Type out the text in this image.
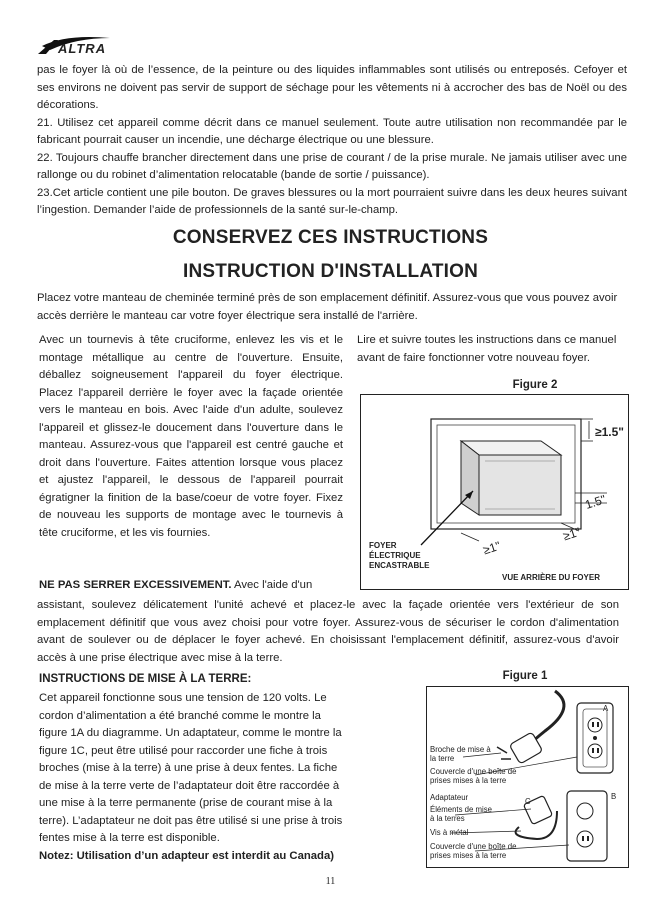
ALTRA
pas le foyer là où de l’essence, de la peinture ou des liquides inflammables sont utilisés ou entreposés. Cefoyer et ses environs ne doivent pas servir de support de séchage pour les vêtements ni à accrocher des bas de Noël ou des décorations.
21. Utilisez cet appareil comme décrit dans ce manuel seulement. Toute autre utilisation non recommandée par le fabricant pourrait causer un incendie, une décharge électrique ou une blessure.
22. Toujours chauffe brancher directement dans une prise de courant / de la prise murale. Ne jamais utiliser avec une rallonge ou du robinet d’alimentation relocatable (bande de sortie / puissance).
23.Cet article contient une pile bouton. De graves blessures ou la mort pourraient suivre dans les deux heures suivant l’ingestion. Demander l’aide de professionnels de la santé sur-le-champ.
CONSERVEZ CES INSTRUCTIONS
INSTRUCTION D'INSTALLATION
Placez votre manteau de cheminée terminé près de son emplacement définitif. Assurez-vous que vous pouvez avoir accès derrière le manteau car votre foyer électrique sera installé de l'arrière.
Avec un tournevis à tête cruciforme, enlevez les vis et le montage métallique au centre de l'ouverture. Ensuite, déballez soigneusement l'appareil du foyer électrique. Placez l'appareil derrière le foyer avec la façade orientée vers le manteau en bois. Avec l'aide d'un adulte, soulevez l'appareil et glissez-le doucement dans l'ouverture dans le manteau. Assurez-vous que l'appareil est centré gauche et droit dans l'ouverture. Faites attention lorsque vous placez et ajustez l'appareil, le dessous de l'appareil pourrait égratigner la finition de la base/coeur de votre foyer. Fixez de nouveau les supports de montage avec le tournevis à tête cruciforme, et les vis fournies.
Lire et suivre toutes les instructions dans ce manuel avant de faire fonctionner votre nouveau foyer.
Figure 2
≥1.5"
1.5"
≥1"
≥1"
FOYER ÉLECTRIQUE ENCASTRABLE
VUE ARRIÈRE DU FOYER
NE PAS SERRER EXCESSIVEMENT. Avec l'aide d'un
assistant, soulevez délicatement l'unité achevé et placez-le avec la façade orientée vers l'extérieur de son emplacement définitif que vous avez choisi pour votre foyer. Assurez-vous de sécuriser le cordon d'alimentation avant de soulever ou de déplacer le foyer achevé. En choisissant l'emplacement définitif, assurez-vous d'avoir accès à une prise électrique avec mise à la terre.
INSTRUCTIONS DE MISE À LA TERRE:
Cet appareil fonctionne sous une tension de 120 volts. Le cordon d’alimentation a été branché comme le montre la figure 1A du diagramme. Un adaptateur, comme le montre la figure 1C, peut être utilisé pour raccorder une fiche à trois broches (mise à la terre) à une prise à deux fentes. La fiche de mise à la terre verte de l’adaptateur doit être raccordée à une mise à la terre permanente (prise de courant mise à la terre). L’adaptateur ne doit pas être utilisé si une prise à trois fentes mise à la terre est disponible.
Notez: Utilisation d’un adapteur est interdit au Canada)
Figure 1
Broche de mise à la terre
Couvercle d'une boîte de prises mises à la terre
Adaptateur
Éléments de mise à la terres
Vis à métal
Couvercle d'une boîte de prises mises à la terre
A
B
C
11
